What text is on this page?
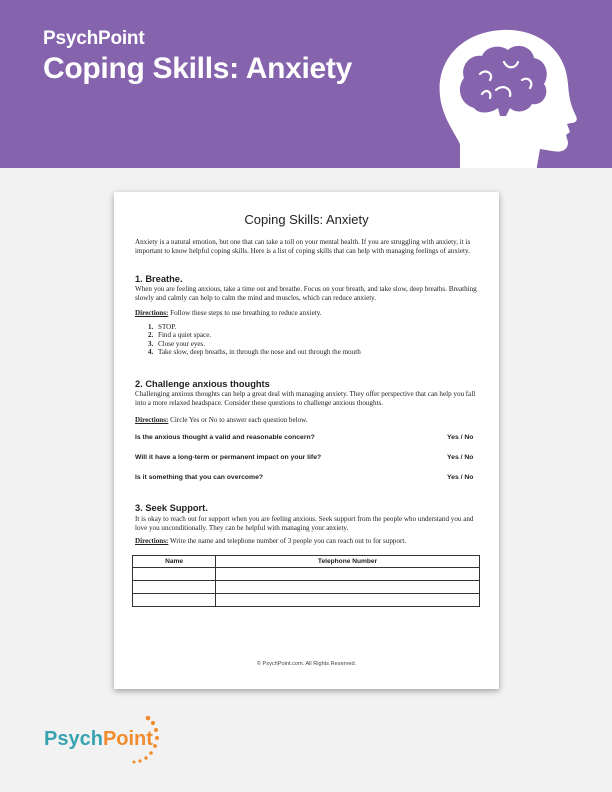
PsychPoint
Coping Skills: Anxiety
Coping Skills: Anxiety
Anxiety is a natural emotion, but one that can take a toll on your mental health. If you are struggling with anxiety, it is important to know helpful coping skills. Here is a list of coping skills that can help with managing feelings of anxiety.
1. Breathe.
When you are feeling anxious, take a time out and breathe. Focus on your breath, and take slow, deep breaths. Breathing slowly and calmly can help to calm the mind and muscles, which can reduce anxiety.
Directions: Follow these steps to use breathing to reduce anxiety.
1. STOP.
2. Find a quiet space.
3. Close your eyes.
4. Take slow, deep breaths, in through the nose and out through the mouth
2. Challenge anxious thoughts
Challenging anxious thoughts can help a great deal with managing anxiety. They offer perspective that can help you fall into a more relaxed headspace. Consider these questions to challenge anxious thoughts.
Directions: Circle Yes or No to answer each question below.
Is the anxious thought a valid and reasonable concern?	Yes / No
Will it have a long-term or permanent impact on your life?	Yes / No
Is it something that you can overcome?	Yes / No
3. Seek Support.
It is okay to reach out for support when you are feeling anxious. Seek support from the people who understand you and love you unconditionally. They can be helpful with managing your anxiety.
Directions: Write the name and telephone number of 3 people you can reach out to for support.
Name	Telephone Number

© PsychPoint.com. All Rights Reserved.
PsychPoint
